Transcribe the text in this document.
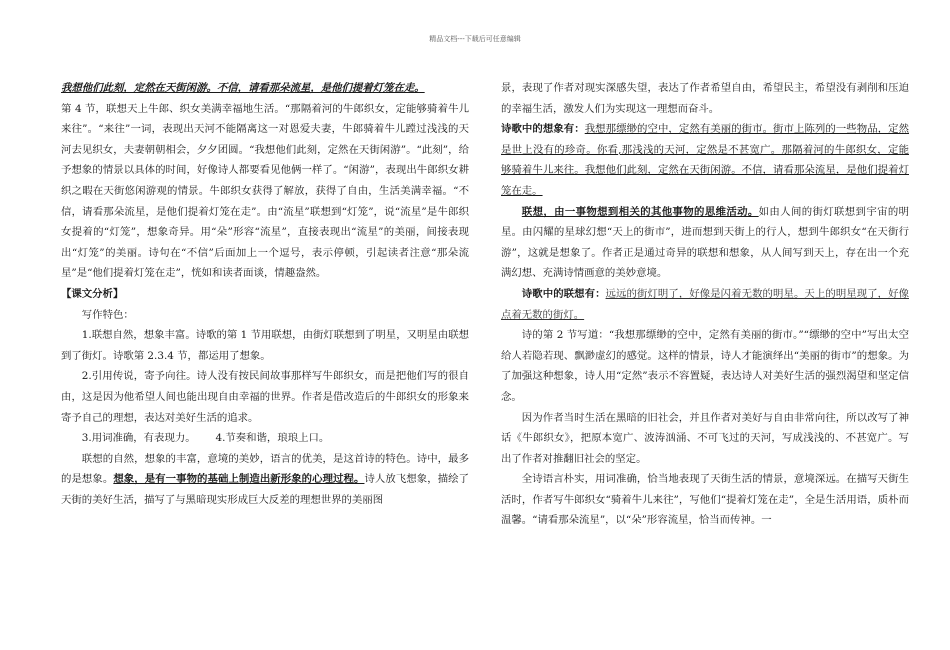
精品文档---下载后可任意编辑

我想他们此刻，定然在天街闲游。不信，请看那朵流星，是他们提着灯笼在走。

第 4 节，联想天上牛郎、织女美满幸福地生活。“那隔着河的牛郎织女，定能够骑着牛儿来往”。“来往”一词，表现出天河不能隔离这一对恩爱夫妻，牛郎骑着牛儿蹚过浅浅的天河去见织女，夫妻朝朝相会，夕夕团圆。“我想他们此刻，定然在天街闲游”。“此刻”，给予想象的情景以具体的时间，好像诗人都要看见他俩一样了。“闲游”，表现出牛郎织女耕织之暇在天街悠闲游观的情景。牛郎织女获得了解放，获得了自由，生活美满幸福。“不信，请看那朵流星，是他们提着灯笼在走”。由“流星”联想到“灯笼”，说“流星”是牛郎织女提着的“灯笼”，想象奇异。用“朵”形容“流星”，直接表现出“流星”的美丽，间接表现出“灯笼”的美丽。诗句在“不信”后面加上一个逗号，表示停顿，引起读者注意“那朵流星”是“他们提着灯笼在走”，恍如和读者面谈，情趣盎然。

【课文分析】

写作特色：

1.联想自然，想象丰富。诗歌的第 1 节用联想，由街灯联想到了明星，又明星由联想到了街灯。诗歌第 2.3.4 节，都运用了想象。

2.引用传说，寄予向往。诗人没有按民间故事那样写牛郎织女，而是把他们写的很自由，这是因为他希望人间也能出现自由幸福的世界。作者是借改造后的牛郎织女的形象来寄予自己的理想，表达对美好生活的追求。

3.用词准确，有表现力。 4.节奏和谐，琅琅上口。

联想的自然，想象的丰富，意境的美妙，语言的优美，是这首诗的特色。诗中，最多的是想象。想象，是有一事物的基础上制造出新形象的心理过程。诗人放飞想象，描绘了天街的美好生活，描写了与黑暗现实形成巨大反差的理想世界的美丽图

景，表现了作者对现实深感失望，表达了作者希望自由，希望民主，希望没有剥削和压迫的幸福生活，激发人们为实现这一理想而奋斗。

诗歌中的想象有：我想那缥缈的空中，定然有美丽的街市。街市上陈列的一些物品，定然是世上没有的珍奇。你看,那浅浅的天河，定然是不甚宽广。那隔着河的牛郎织女，定能够骑着牛儿来往。我想他们此刻，定然在天街闲游。不信，请看那朵流星，是他们提着灯笼在走。

联想，由一事物想到相关的其他事物的思维活动。如由人间的街灯联想到宇宙的明星。由闪耀的星球幻想“天上的街市”，进而想到天街上的行人，想到牛郎织女“在天街行游”，这就是想象了。作者正是通过奇异的联想和想象，从人间写到天上，存在出一个充满幻想、充满诗情画意的美妙意境。

诗歌中的联想有：远远的街灯明了，好像是闪着无数的明星。天上的明星现了，好像点着无数的街灯。

诗的第 2 节写道：“我想那缥缈的空中，定然有美丽的街市。”“缥缈的空中”写出太空给人若隐若现、飘渺虚幻的感觉。这样的情景，诗人才能演绎出“美丽的街市”的想象。为了加强这种想象，诗人用“定然”表示不容置疑，表达诗人对美好生活的强烈渴望和坚定信念。

因为作者当时生活在黑暗的旧社会，并且作者对美好与自由非常向往，所以改写了神话《牛郎织女》，把原本宽广、波涛汹涌、不可飞过的天河，写成浅浅的、不甚宽广。写出了作者对推翻旧社会的坚定。

全诗语言朴实，用词准确，恰当地表现了天街生活的情景，意境深远。在描写天街生活时，作者写牛郎织女“骑着牛儿来往”，写他们“提着灯笼在走”，全是生活用语，质朴而温馨。“请看那朵流星”，以“朵”形容流星，恰当而传神。一
